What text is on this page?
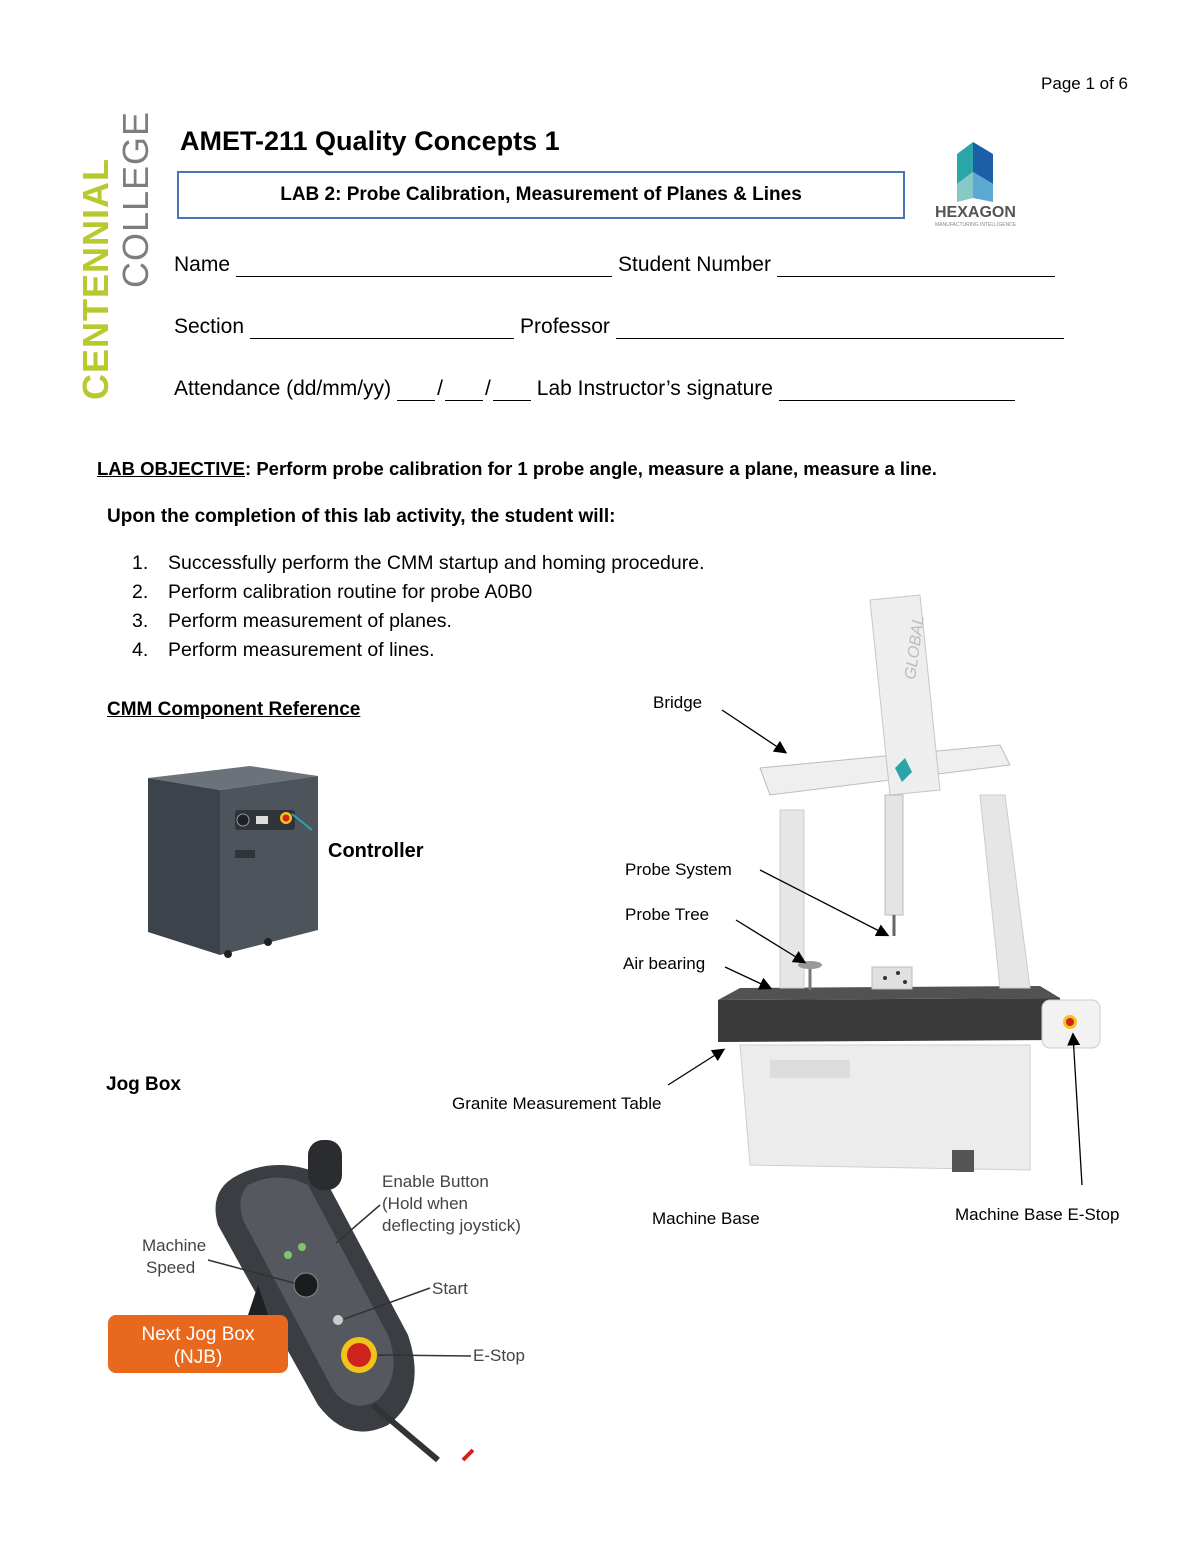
Page 1 of 6
CENTENNIAL COLLEGE AMET-211 Quality Concepts 1
LAB 2: Probe Calibration, Measurement of Planes & Lines
HEXAGON
MANUFACTURING INTELLIGENCE
Name	Student Number
Section	Professor
Attendance (dd/mm/yy) / / Lab Instructor’s signature
LAB OBJECTIVE: Perform probe calibration for 1 probe angle, measure a plane, measure a line.
Upon the completion of this lab activity, the student will:
1. Successfully perform the CMM startup and homing procedure.
2. Perform calibration routine for probe A0B0
3. Perform measurement of planes.
4. Perform measurement of lines.
CMM Component Reference
Controller
Jog Box
Next Jog Box
(NJB)
Enable Button
(Hold when
deflecting joystick)
Machine
Speed
Start
E-Stop
GLOBAL
Bridge
Probe System
Probe Tree
Air bearing
Granite Measurement Table
Machine Base	Machine Base E-Stop
